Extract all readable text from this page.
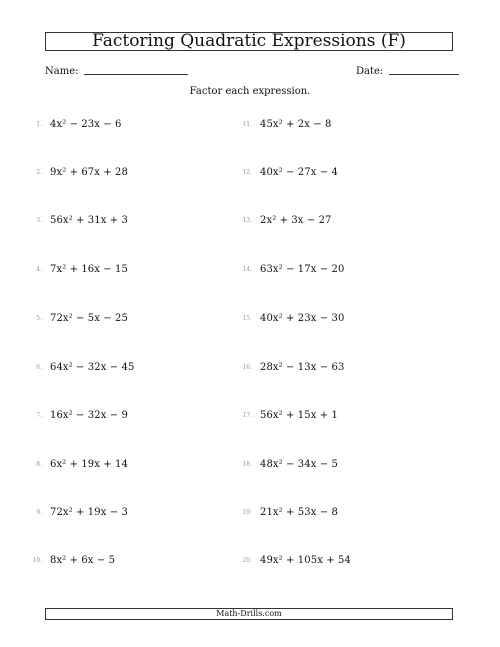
Factoring Quadratic Expressions (F)
Name:	Date:
Factor each expression.
1. 4x² − 23x − 6
2. 9x² + 67x + 28
3. 56x² + 31x + 3
4. 7x² + 16x − 15
5. 72x² − 5x − 25
6. 64x² − 32x − 45
7. 16x² − 32x − 9
8. 6x² + 19x + 14
9. 72x² + 19x − 3
10. 8x² + 6x − 5
11. 45x² + 2x − 8
12. 40x² − 27x − 4
13. 2x² + 3x − 27
14. 63x² − 17x − 20
15. 40x² + 23x − 30
16. 28x² − 13x − 63
17. 56x² + 15x + 1
18. 48x² − 34x − 5
19. 21x² + 53x − 8
20. 49x² + 105x + 54
Math-Drills.com
